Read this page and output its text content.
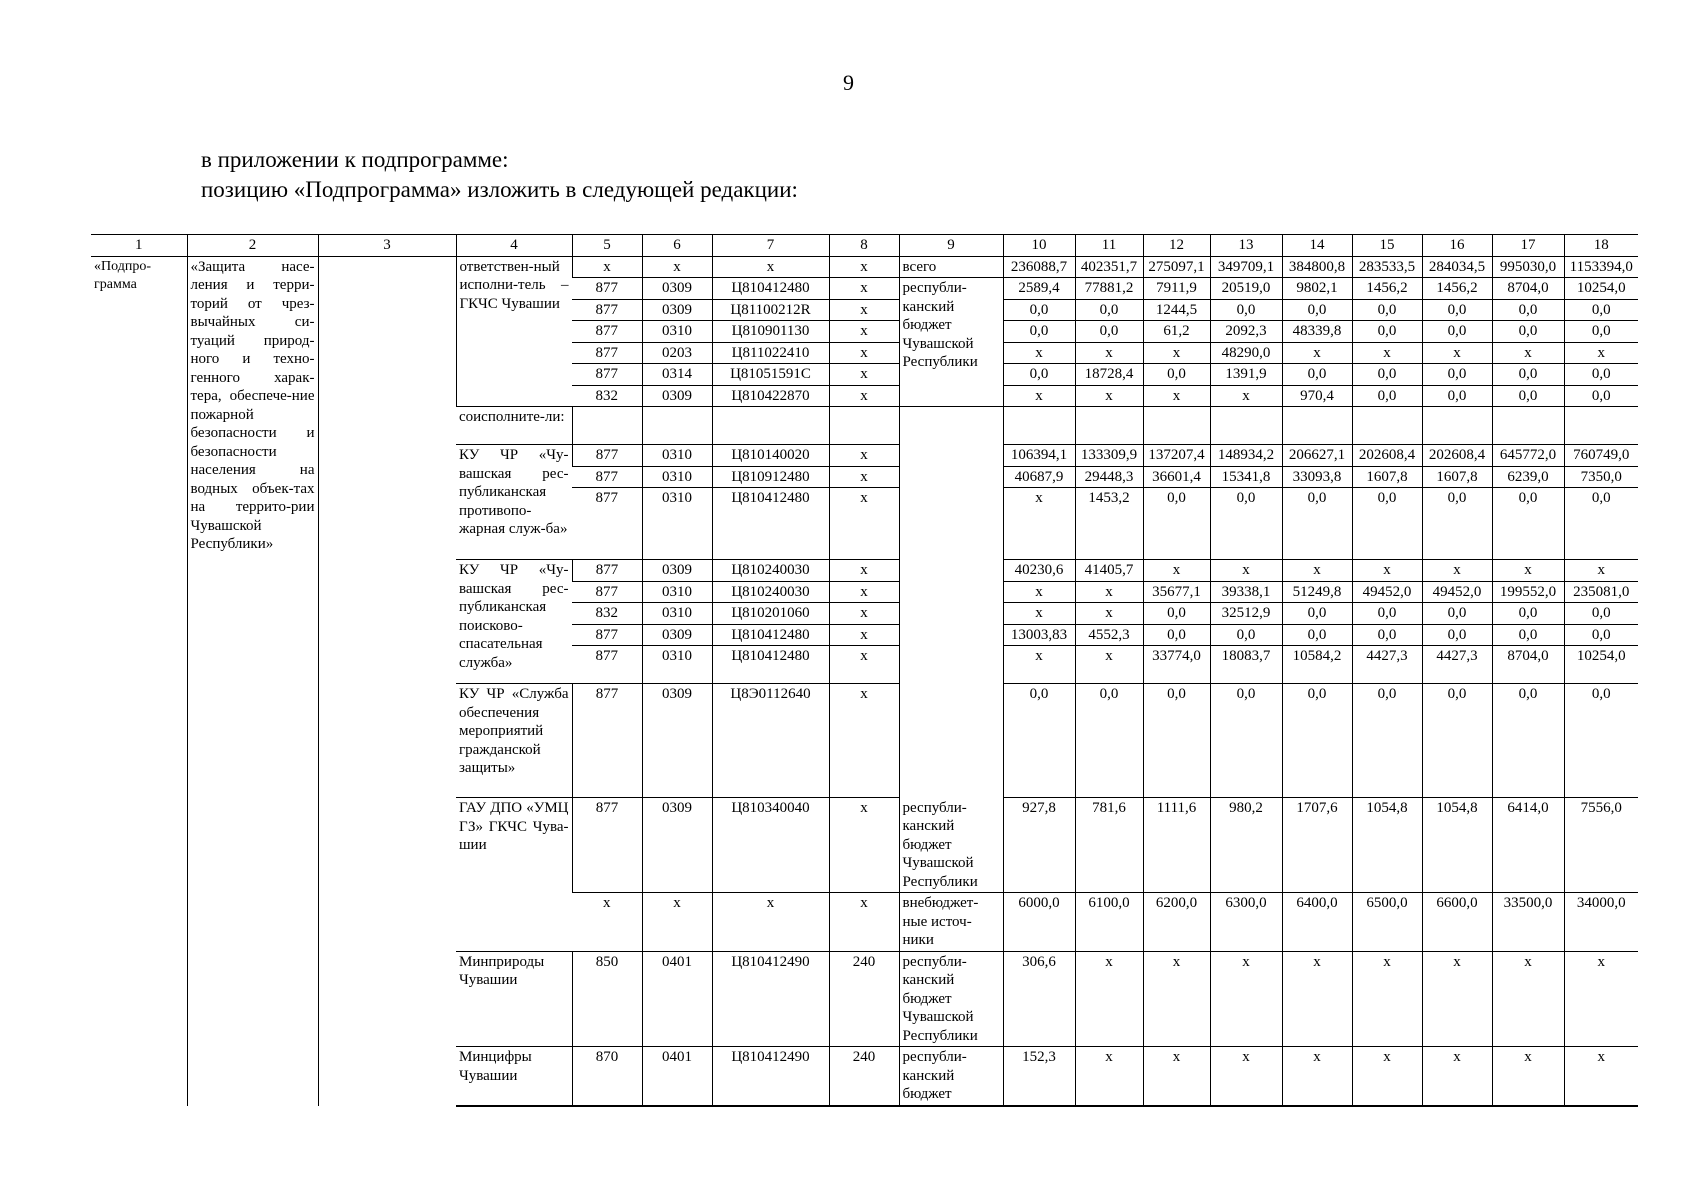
9
в приложении к подпрограмме:
позицию «Подпрограмма» изложить в следующей редакции:
1	2	3	4	5	6	7	8	9	10	11	12	13	14	15	16	17	18
«Подпро-грамма	«Защита насе-ления и терри-торий от чрез-вычайных си-туаций природ-ного и техно-генного харак-тера, обеспече-ние пожарной безопасности и безопасности населения на водных объек-тах на террито-рии Чувашской Республики»		ответствен-ный исполни-тель – ГКЧС Чувашии	х	х	х	х	всего	236088,7	402351,7	275097,1	349709,1	384800,8	283533,5	284034,5	995030,0	1153394,0
				877	0309	Ц810412480	х	республи-канский бюджет Чувашской Республики	2589,4	77881,2	7911,9	20519,0	9802,1	1456,2	1456,2	8704,0	10254,0
				877	0309	Ц81100212R	х		0,0	0,0	1244,5	0,0	0,0	0,0	0,0	0,0	0,0
				877	0310	Ц810901130	х		0,0	0,0	61,2	2092,3	48339,8	0,0	0,0	0,0	0,0
				877	0203	Ц811022410	х		х	х	х	48290,0	х	х	х	х	х
				877	0314	Ц81051591С	х		0,0	18728,4	0,0	1391,9	0,0	0,0	0,0	0,0	0,0
				832	0309	Ц810422870	х		х	х	х	х	970,4	0,0	0,0	0,0	0,0
			соисполните-ли:														
			КУ ЧР «Чу-вашская рес-публиканская противопо-жарная служ-ба»	877	0310	Ц810140020	х		106394,1	133309,9	137207,4	148934,2	206627,1	202608,4	202608,4	645772,0	760749,0
				877	0310	Ц810912480	х		40687,9	29448,3	36601,4	15341,8	33093,8	1607,8	1607,8	6239,0	7350,0
				877	0310	Ц810412480	х		х	1453,2	0,0	0,0	0,0	0,0	0,0	0,0	0,0
			КУ ЧР «Чу-вашская рес-публиканская поисково-спасательная служба»	877	0309	Ц810240030	х		40230,6	41405,7	х	х	х	х	х	х	х
				877	0310	Ц810240030	х		х	х	35677,1	39338,1	51249,8	49452,0	49452,0	199552,0	235081,0
				832	0310	Ц810201060	х		х	х	0,0	32512,9	0,0	0,0	0,0	0,0	0,0
				877	0309	Ц810412480	х		13003,83	4552,3	0,0	0,0	0,0	0,0	0,0	0,0	0,0
				877	0310	Ц810412480	х		х	х	33774,0	18083,7	10584,2	4427,3	4427,3	8704,0	10254,0
			КУ ЧР «Служба обеспечения мероприятий гражданской защиты»	877	0309	Ц8Э0112640	х		0,0	0,0	0,0	0,0	0,0	0,0	0,0	0,0	0,0
			ГАУ ДПО «УМЦ ГЗ» ГКЧС Чува-шии	877	0309	Ц810340040	х	республи-канский бюджет Чувашской Республики	927,8	781,6	1111,6	980,2	1707,6	1054,8	1054,8	6414,0	7556,0
				х	х	х	х	внебюджет-ные источ-ники	6000,0	6100,0	6200,0	6300,0	6400,0	6500,0	6600,0	33500,0	34000,0
			Минприроды Чувашии	850	0401	Ц810412490	240	республи-канский бюджет Чувашской Республики	306,6	х	х	х	х	х	х	х	х
			Минцифры Чувашии	870	0401	Ц810412490	240	республи-канский бюджет	152,3	х	х	х	х	х	х	х	х
